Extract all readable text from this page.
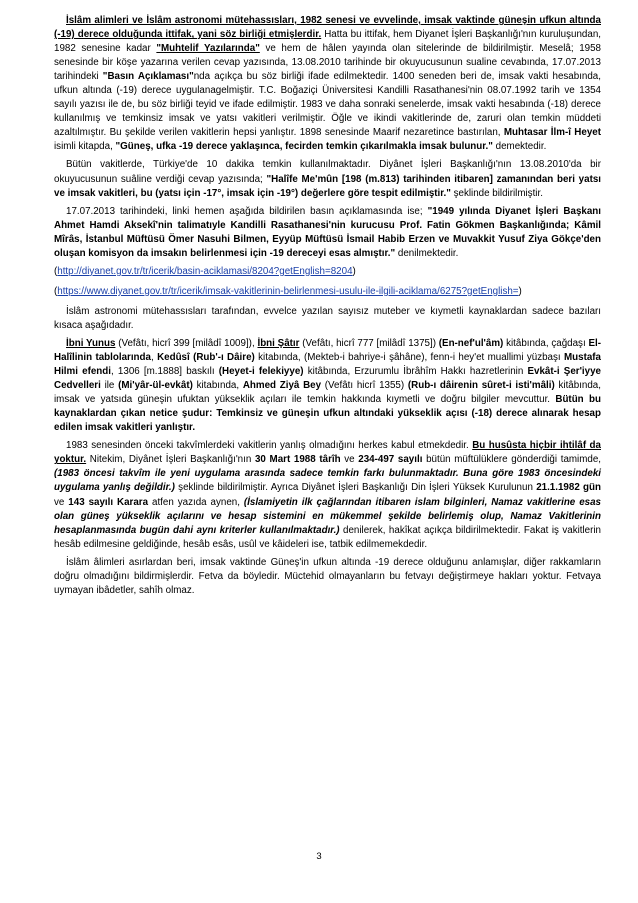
İslâm alimleri ve İslâm astronomi mütehassısları, 1982 senesi ve evvelinde, imsak vaktinde güneşin ufkun altında (-19) derece olduğunda ittifak, yani söz birliği etmişlerdir. Hatta bu ittifak, hem Diyanet İşleri Başkanlığı'nın kuruluşundan, 1982 senesine kadar "Muhtelif Yazılarında" ve hem de hâlen yayında olan sitelerinde de bildirilmiştir. Meselâ; 1958 senesinde bir köşe yazarına verilen cevap yazısında, 13.08.2010 tarihinde bir okuyucusunun sualine cevabında, 17.07.2013 tarihindeki "Basın Açıklaması"nda açıkça bu söz birliği ifade edilmektedir. 1400 seneden beri de, imsak vakti hesabında, ufkun altında (-19) derece uygulanagelmiştir. T.C. Boğaziçi Üniversitesi Kandilli Rasathanesi'nin 08.07.1992 tarih ve 1354 sayılı yazısı ile de, bu söz birliği teyid ve ifade edilmiştir. 1983 ve daha sonraki senelerde, imsak vakti hesabında (-18) derece kullanılmış ve temkinsiz imsak ve yatsı vakitleri verilmiştir. Öğle ve ikindi vakitlerinde de, zaruri olan temkin müddeti azaltılmıştır. Bu şekilde verilen vakitlerin hepsi yanlıştır. 1898 senesinde Maarif nezaretince bastırılan, Muhtasar İlm-î Heyet isimli kitapda, "Güneş, ufka -19 derece yaklaşınca, fecirden temkin çıkarılmakla imsak bulunur." demektedir.

Bütün vakitlerde, Türkiye'de 10 dakika temkin kullanılmaktadır. Diyânet İşleri Başkanlığı'nın 13.08.2010'da bir okuyucusunun suâline verdiği cevap yazısında; "Halîfe Me'mûn [198 (m.813) tarihinden itibaren] zamanından beri yatsı ve imsak vakitleri, bu (yatsı için -17°, imsak için -19°) değerlere göre tespit edilmiştir." şeklinde bildirilmiştir.

17.07.2013 tarihindeki, linki hemen aşağıda bildirilen basın açıklamasında ise; "1949 yılında Diyanet İşleri Başkanı Ahmet Hamdi Aksekî'nin talimatıyle Kandilli Rasathanesi'nin kurucusu Prof. Fatin Gökmen Başkanlığında; Kâmil Mîrâs, İstanbul Müftüsü Ömer Nasuhi Bilmen, Eyyüp Müftüsü İsmail Habib Erzen ve Muvakkit Yusuf Ziya Gökçe'den oluşan komisyon da imsakın belirlenmesi için -19 dereceyi esas almıştır." denilmektedir.

(http://diyanet.gov.tr/tr/icerik/basin-aciklamasi/8204?getEnglish=8204)

(https://www.diyanet.gov.tr/tr/icerik/imsak-vakitlerinin-belirlenmesi-usulu-ile-ilgili-aciklama/6275?getEnglish=)

İslâm astronomi mütehassısları tarafından, evvelce yazılan sayısız muteber ve kıymetli kaynaklardan sadece bazıları kısaca aşağıdadır.

İbni Yunus (Vefâtı, hicrî 399 [milâdî 1009]), İbni Şâtır (Vefâtı, hicrî 777 [milâdî 1375]) (En-nef'ul'âm) kitâbında, çağdaşı El- Halîlinin tablolarında, Kedûsî (Rub'-ı Dâire) kitabında, (Mekteb-i bahriye-i şâhâne), fenn-i hey'et muallimi yüzbaşı Mustafa Hilmi efendi, 1306 [m.1888] baskılı (Heyet-i felekiyye) kitâbında, Erzurumlu İbrâhîm Hakkı hazretlerinin Evkât-i Şer'iyye Cedvelleri ile (Mi'yâr-ül-evkât) kitabında, Ahmed Ziyâ Bey (Vefâtı hicrî 1355) (Rub-ı dâirenin sûret-i isti'mâli) kitâbında, imsak ve yatsıda güneşin ufuktan yükseklik açıları ile temkin hakkında kıymetli ve doğru bilgiler mevcuttur. Bütün bu kaynaklardan çıkan netice şudur: Temkinsiz ve güneşin ufkun altındaki yükseklik açısı (-18) derece alınarak hesap edilen imsak vakitleri yanlıştır.

1983 senesinden önceki takvîmlerdeki vakitlerin yanlış olmadığını herkes kabul etmekdedir. Bu husûsta hiçbir ihtilâf da yoktur. Nitekim, Diyânet İşleri Başkanlığı'nın 30 Mart 1988 târîh ve 234-497 sayılı bütün müftülüklere gönderdiği tamimde, (1983 öncesi takvîm ile yeni uygulama arasında sadece temkin farkı bulunmaktadır. Buna göre 1983 öncesindeki uygulama yanlış değildir.) şeklinde bildirilmiştir. Ayrıca Diyânet İşleri Başkanlığı Din İşleri Yüksek Kurulunun 21.1.1982 gün ve 143 sayılı Karara atfen yazıda aynen, (İslamiyetin ilk çağlarından itibaren islam bilginleri, Namaz vakitlerine esas olan güneş yükseklik açılarını ve hesap sistemini en mükemmel şekilde belirlemiş olup, Namaz Vakitlerinin hesaplanmasında bugün dahi aynı kriterler kullanılmaktadır.) denilerek, hakîkat açıkça bildirilmektedir. Fakat iş vakitlerin hesâb edilmesine geldiğinde, hesâb esâs, usûl ve kâideleri ise, tatbik edilmemekdedir.

İslâm âlimleri asırlardan beri, imsak vaktinde Güneş'in ufkun altında -19 derece olduğunu anlamışlar, diğer rakkamların doğru olmadığını bildirmişlerdir. Fetva da böyledir. Müctehid olmayanların bu fetvayı değiştirmeye hakları yoktur. Fetvaya uymayan ibâdetler, sahîh olmaz.

3
